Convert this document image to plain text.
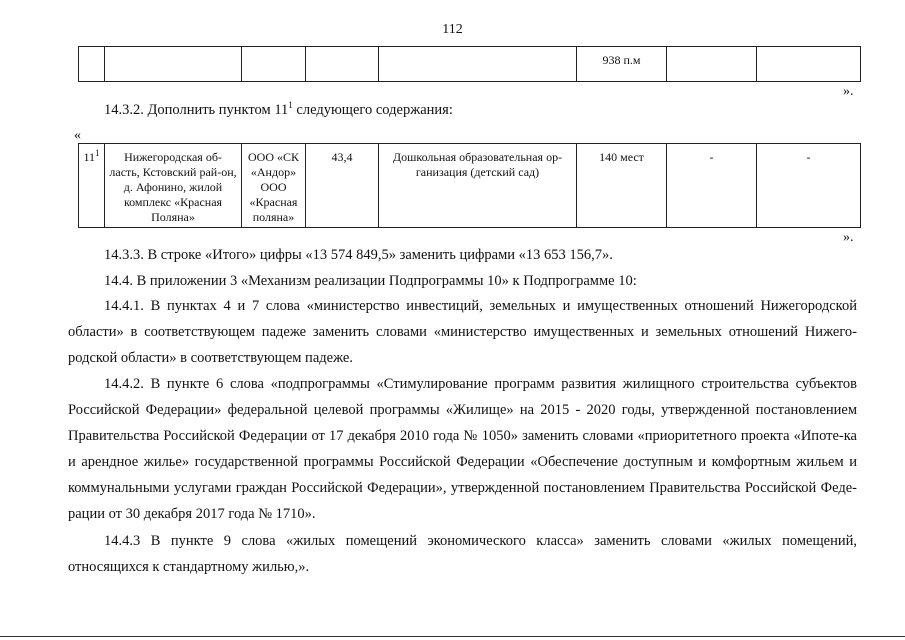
112
					938 п.м		
».
14.3.2. Дополнить пунктом $11^1$ следующего содержания:
«
$11^1$	Нижегородская об-ласть, Кстовский рай-он, д. Афонино, жилой комплекс «Красная Поляна»	ООО «СК «Андор» ООО «Красная поляна»	43,4	Дошкольная образовательная ор-ганизация (детский сад)	140 мест	-	-
».
14.3.3. В строке «Итого» цифры «13 574 849,5» заменить цифрами «13 653 156,7».
14.4. В приложении 3 «Механизм реализации Подпрограммы 10» к Подпрограмме 10:
14.4.1. В пунктах 4 и 7 слова «министерство инвестиций, земельных и имущественных отношений Нижегородской области» в соответствующем падеже заменить словами «министерство имущественных и земельных отношений Нижего-родской области» в соответствующем падеже.
14.4.2. В пункте 6 слова «подпрограммы «Стимулирование программ развития жилищного строительства субъектов Российской Федерации» федеральной целевой программы «Жилище» на 2015 - 2020 годы, утвержденной постановлением Правительства Российской Федерации от 17 декабря 2010 года № 1050» заменить словами «приоритетного проекта «Ипоте-ка и арендное жилье» государственной программы Российской Федерации «Обеспечение доступным и комфортным жильем и коммунальными услугами граждан Российской Федерации», утвержденной постановлением Правительства Российской Феде-рации от 30 декабря 2017 года № 1710».
14.4.3 В пункте 9 слова «жилых помещений экономического класса» заменить словами «жилых помещений, относящихся к стандартному жилью,».
